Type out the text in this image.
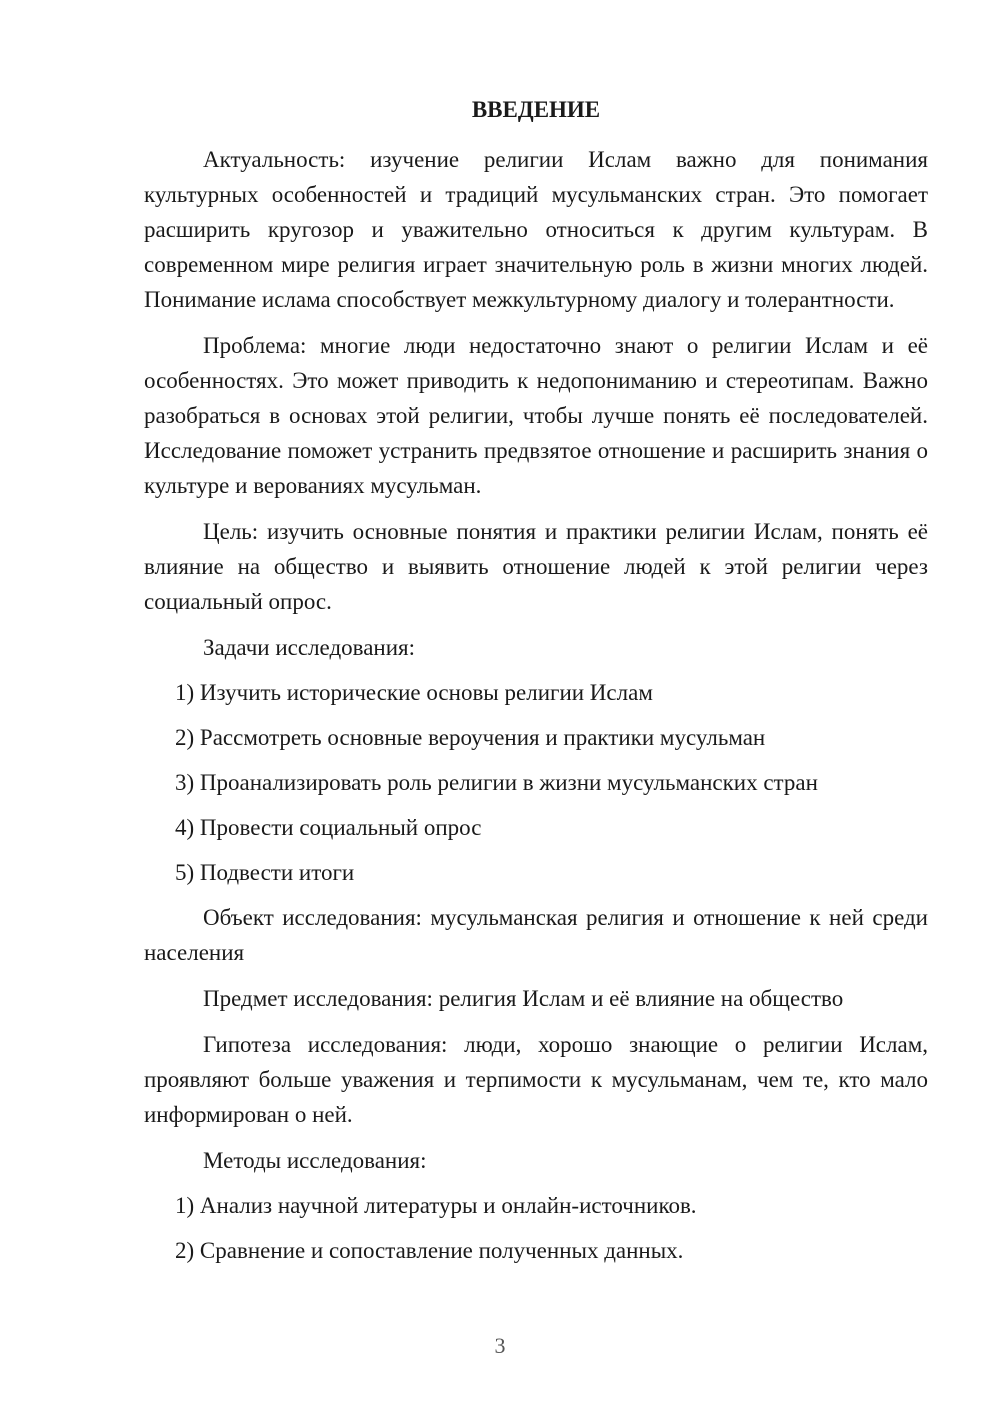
ВВЕДЕНИЕ

Актуальность: изучение религии Ислам важно для понимания культурных особенностей и традиций мусульманских стран. Это помогает расширить кругозор и уважительно относиться к другим культурам. В современном мире религия играет значительную роль в жизни многих людей. Понимание ислама способствует межкультурному диалогу и толерантности.

Проблема: многие люди недостаточно знают о религии Ислам и её особенностях. Это может приводить к недопониманию и стереотипам. Важно разобраться в основах этой религии, чтобы лучше понять её последователей. Исследование поможет устранить предвзятое отношение и расширить знания о культуре и верованиях мусульман.

Цель: изучить основные понятия и практики религии Ислам, понять её влияние на общество и выявить отношение людей к этой религии через социальный опрос.

Задачи исследования:
1) Изучить исторические основы религии Ислам
2) Рассмотреть основные вероучения и практики мусульман
3) Проанализировать роль религии в жизни мусульманских стран
4) Провести социальный опрос
5) Подвести итоги

Объект исследования: мусульманская религия и отношение к ней среди населения

Предмет исследования: религия Ислам и её влияние на общество

Гипотеза исследования: люди, хорошо знающие о религии Ислам, проявляют больше уважения и терпимости к мусульманам, чем те, кто мало информирован о ней.

Методы исследования:
1) Анализ научной литературы и онлайн-источников.
2) Сравнение и сопоставление полученных данных.
3
